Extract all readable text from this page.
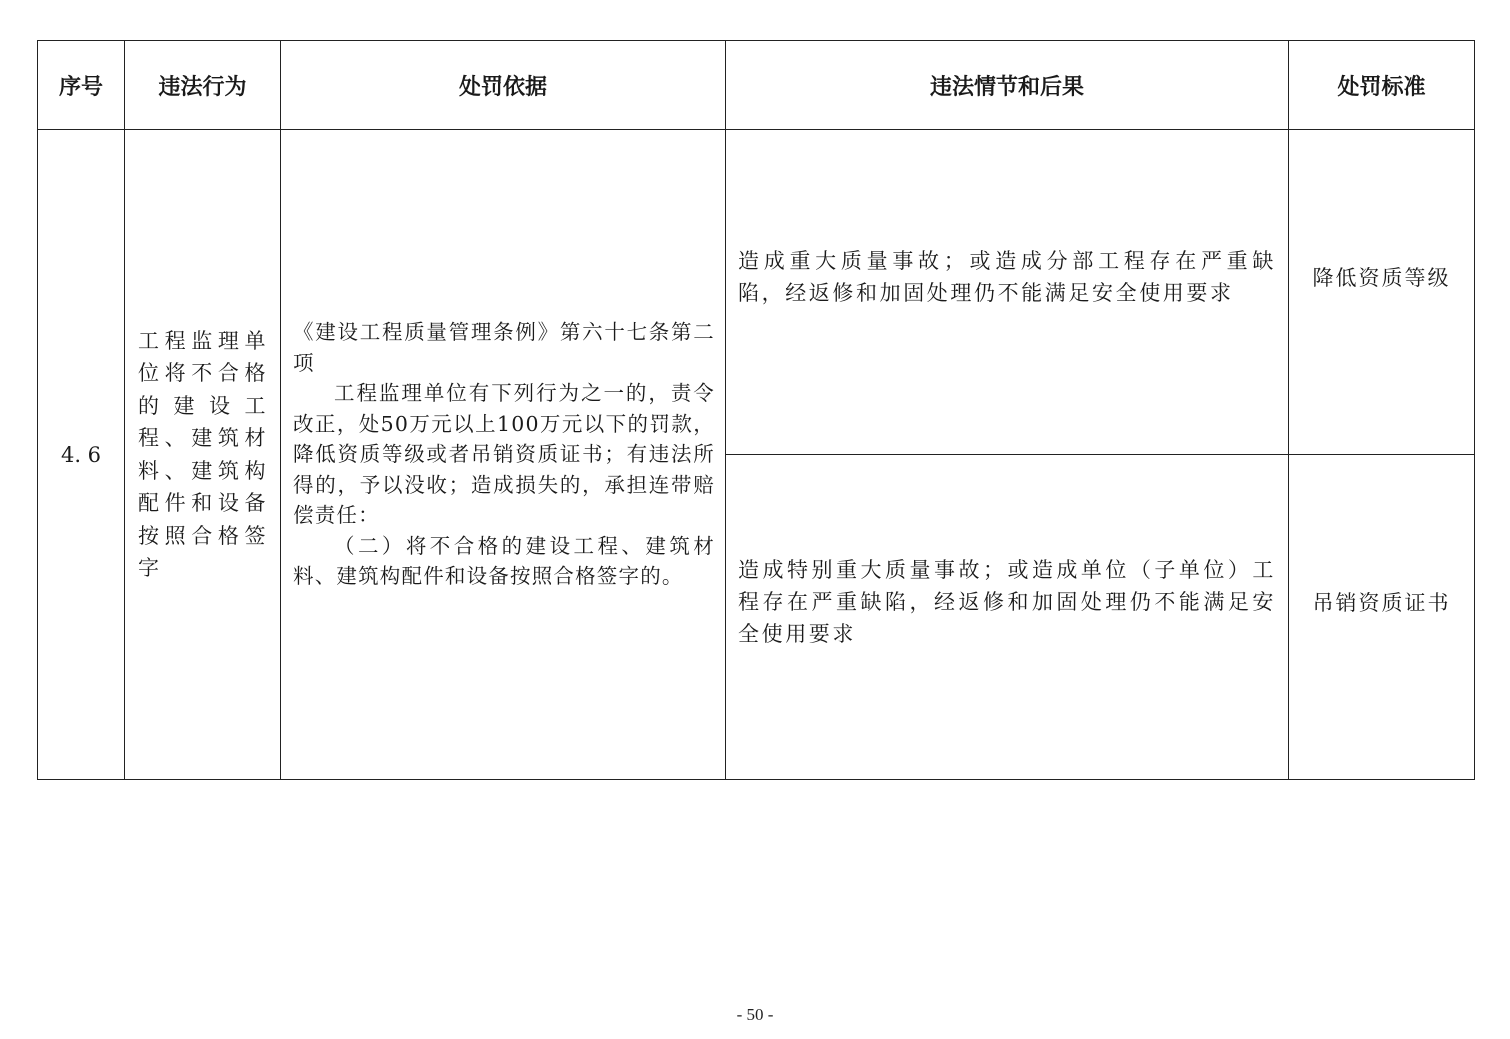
序号	违法行为	处罚依据	违法情节和后果	处罚标准

4. 6	工程监理单位将不合格的建设工程、建筑材料、建筑构配件和设备按照合格签字	《建设工程质量管理条例》第六十七条第二项

工程监理单位有下列行为之一的，责令改正，处50万元以上100万元以下的罚款，降低资质等级或者吊销资质证书；有违法所得的，予以没收；造成损失的，承担连带赔偿责任：

（二）将不合格的建设工程、建筑材料、建筑构配件和设备按照合格签字的。	造成重大质量事故；或造成分部工程存在严重缺陷，经返修和加固处理仍不能满足安全使用要求	降低资质等级

			造成特别重大质量事故；或造成单位（子单位）工程存在严重缺陷，经返修和加固处理仍不能满足安全使用要求	吊销资质证书
- 50 -
